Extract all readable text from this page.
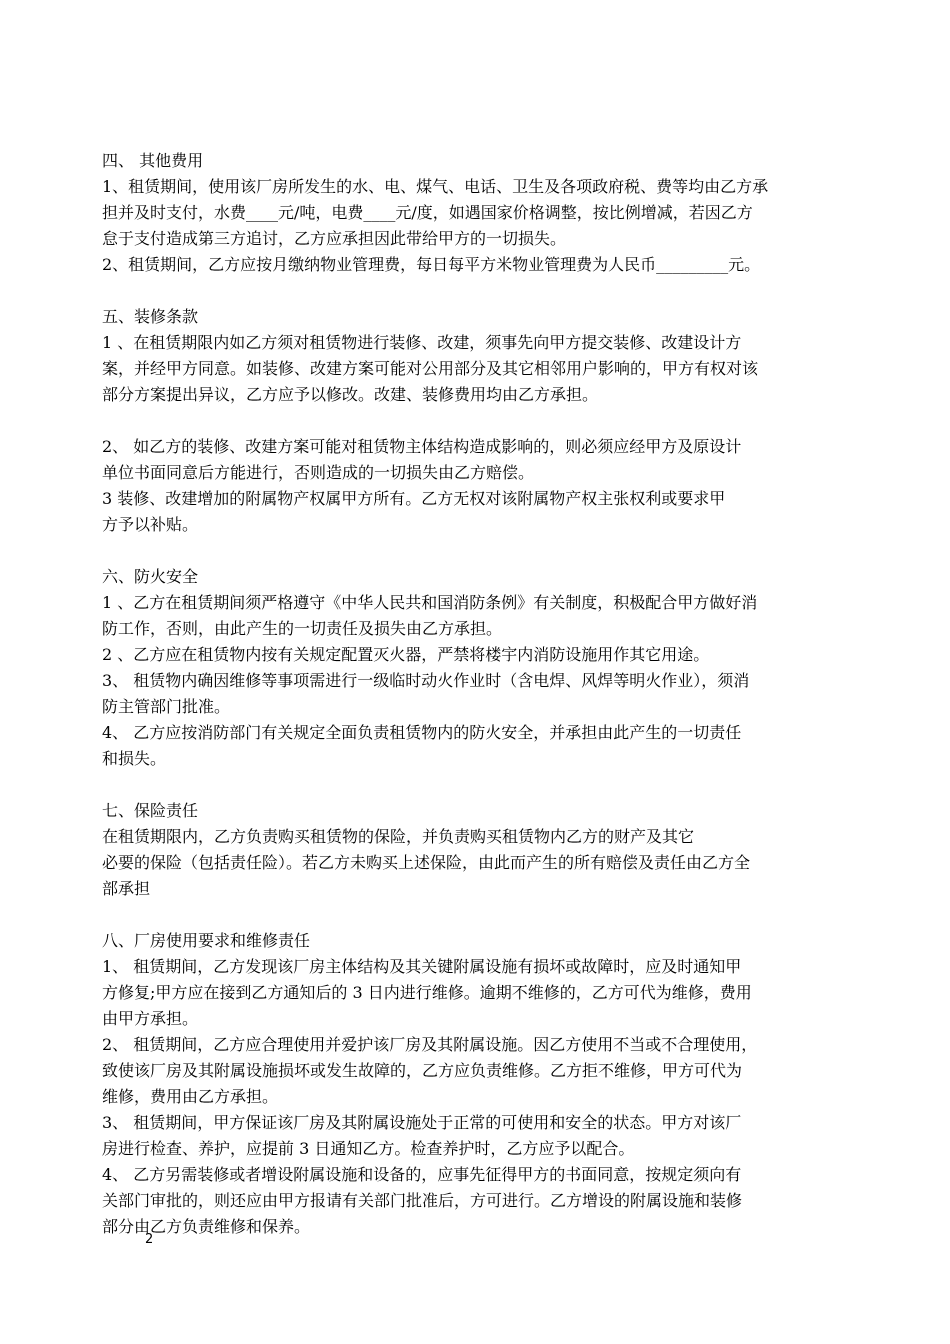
四、 其他费用
1、租赁期间，使用该厂房所发生的水、电、煤气、电话、卫生及各项政府税、费等均由乙方承
担并及时支付，水费____元/吨，电费____元/度，如遇国家价格调整，按比例增减，若因乙方
怠于支付造成第三方追讨，乙方应承担因此带给甲方的一切损失。
2、租赁期间，乙方应按月缴纳物业管理费，每日每平方米物业管理费为人民币_________元。
五、装修条款
1 、在租赁期限内如乙方须对租赁物进行装修、改建，须事先向甲方提交装修、改建设计方
案，并经甲方同意。如装修、改建方案可能对公用部分及其它相邻用户影响的，甲方有权对该
部分方案提出异议，乙方应予以修改。改建、装修费用均由乙方承担。
2、 如乙方的装修、改建方案可能对租赁物主体结构造成影响的，则必须应经甲方及原设计
单位书面同意后方能进行，否则造成的一切损失由乙方赔偿。
3 装修、改建增加的附属物产权属甲方所有。乙方无权对该附属物产权主张权利或要求甲
方予以补贴。
六、防火安全
1 、乙方在租赁期间须严格遵守《中华人民共和国消防条例》有关制度，积极配合甲方做好消
防工作，否则，由此产生的一切责任及损失由乙方承担。
2 、乙方应在租赁物内按有关规定配置灭火器，严禁将楼宇内消防设施用作其它用途。
3、 租赁物内确因维修等事项需进行一级临时动火作业时（含电焊、风焊等明火作业），须消
防主管部门批准。
4、 乙方应按消防部门有关规定全面负责租赁物内的防火安全，并承担由此产生的一切责任
和损失。
七、保险责任
在租赁期限内，乙方负责购买租赁物的保险，并负责购买租赁物内乙方的财产及其它
必要的保险（包括责任险）。若乙方未购买上述保险，由此而产生的所有赔偿及责任由乙方全
部承担
八、厂房使用要求和维修责任
1、 租赁期间，乙方发现该厂房主体结构及其关键附属设施有损坏或故障时，应及时通知甲
方修复;甲方应在接到乙方通知后的 3 日内进行维修。逾期不维修的，乙方可代为维修，费用
由甲方承担。
2、 租赁期间，乙方应合理使用并爱护该厂房及其附属设施。因乙方使用不当或不合理使用，
致使该厂房及其附属设施损坏或发生故障的，乙方应负责维修。乙方拒不维修，甲方可代为
维修，费用由乙方承担。
3、 租赁期间，甲方保证该厂房及其附属设施处于正常的可使用和安全的状态。甲方对该厂
房进行检查、养护，应提前 3 日通知乙方。检查养护时，乙方应予以配合。
4、 乙方另需装修或者增设附属设施和设备的，应事先征得甲方的书面同意，按规定须向有
关部门审批的，则还应由甲方报请有关部门批准后，方可进行。乙方增设的附属设施和装修
部分由乙方负责维修和保养。
2
